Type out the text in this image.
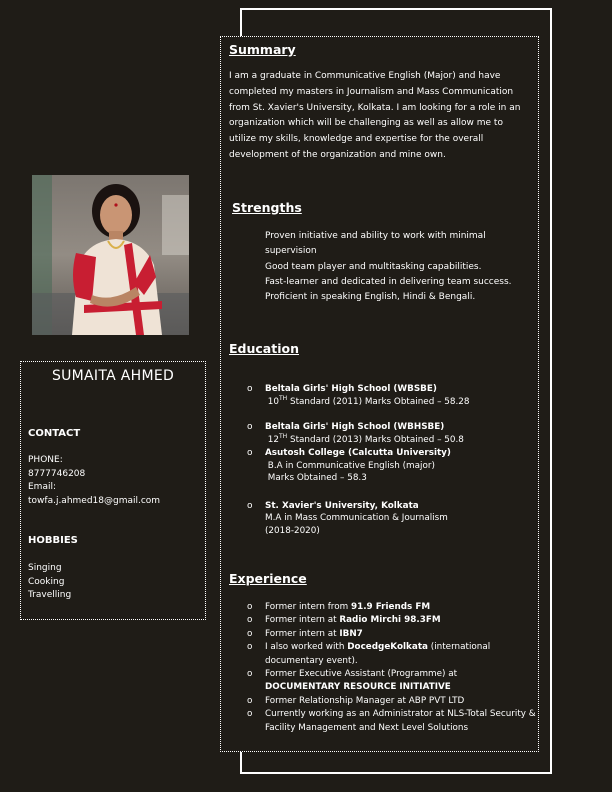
Summary

I am a graduate in Communicative English (Major) and have completed my masters in Journalism and Mass Communication from St. Xavier's University, Kolkata. I am looking for a role in an organization which will be challenging as well as allow me to utilize my skills, knowledge and expertise for the overall development of the organization and mine own.

Strengths
Proven initiative and ability to work with minimal supervision
Good team player and multitasking capabilities.
Fast-learner and dedicated in delivering team success.
Proficient in speaking English, Hindi & Bengali.
Education
o Beltala Girls' High School (WBSBE)
10TH Standard (2011) Marks Obtained – 58.28
o Beltala Girls' High School (WBHSBE)
12TH Standard (2013) Marks Obtained – 50.8
o Asutosh College (Calcutta University)
B.A in Communicative English (major)
Marks Obtained – 58.3
o St. Xavier's University, Kolkata
M.A in Mass Communication & Journalism
(2018-2020)
Experience
o Former intern from 91.9 Friends FM
o Former intern at Radio Mirchi 98.3FM
o Former intern at IBN7
o I also worked with DocedgeKolkata (international documentary event).
o Former Executive Assistant (Programme) at
DOCUMENTARY RESOURCE INITIATIVE
o Former Relationship Manager at ABP PVT LTD
o Currently working as an Administrator at NLS-Total Security & Facility Management and Next Level Solutions
SUMAITA AHMED
CONTACT
PHONE:
8777746208
Email:
towfa.j.ahmed18@gmail.com
HOBBIES
Singing
Cooking
Travelling
